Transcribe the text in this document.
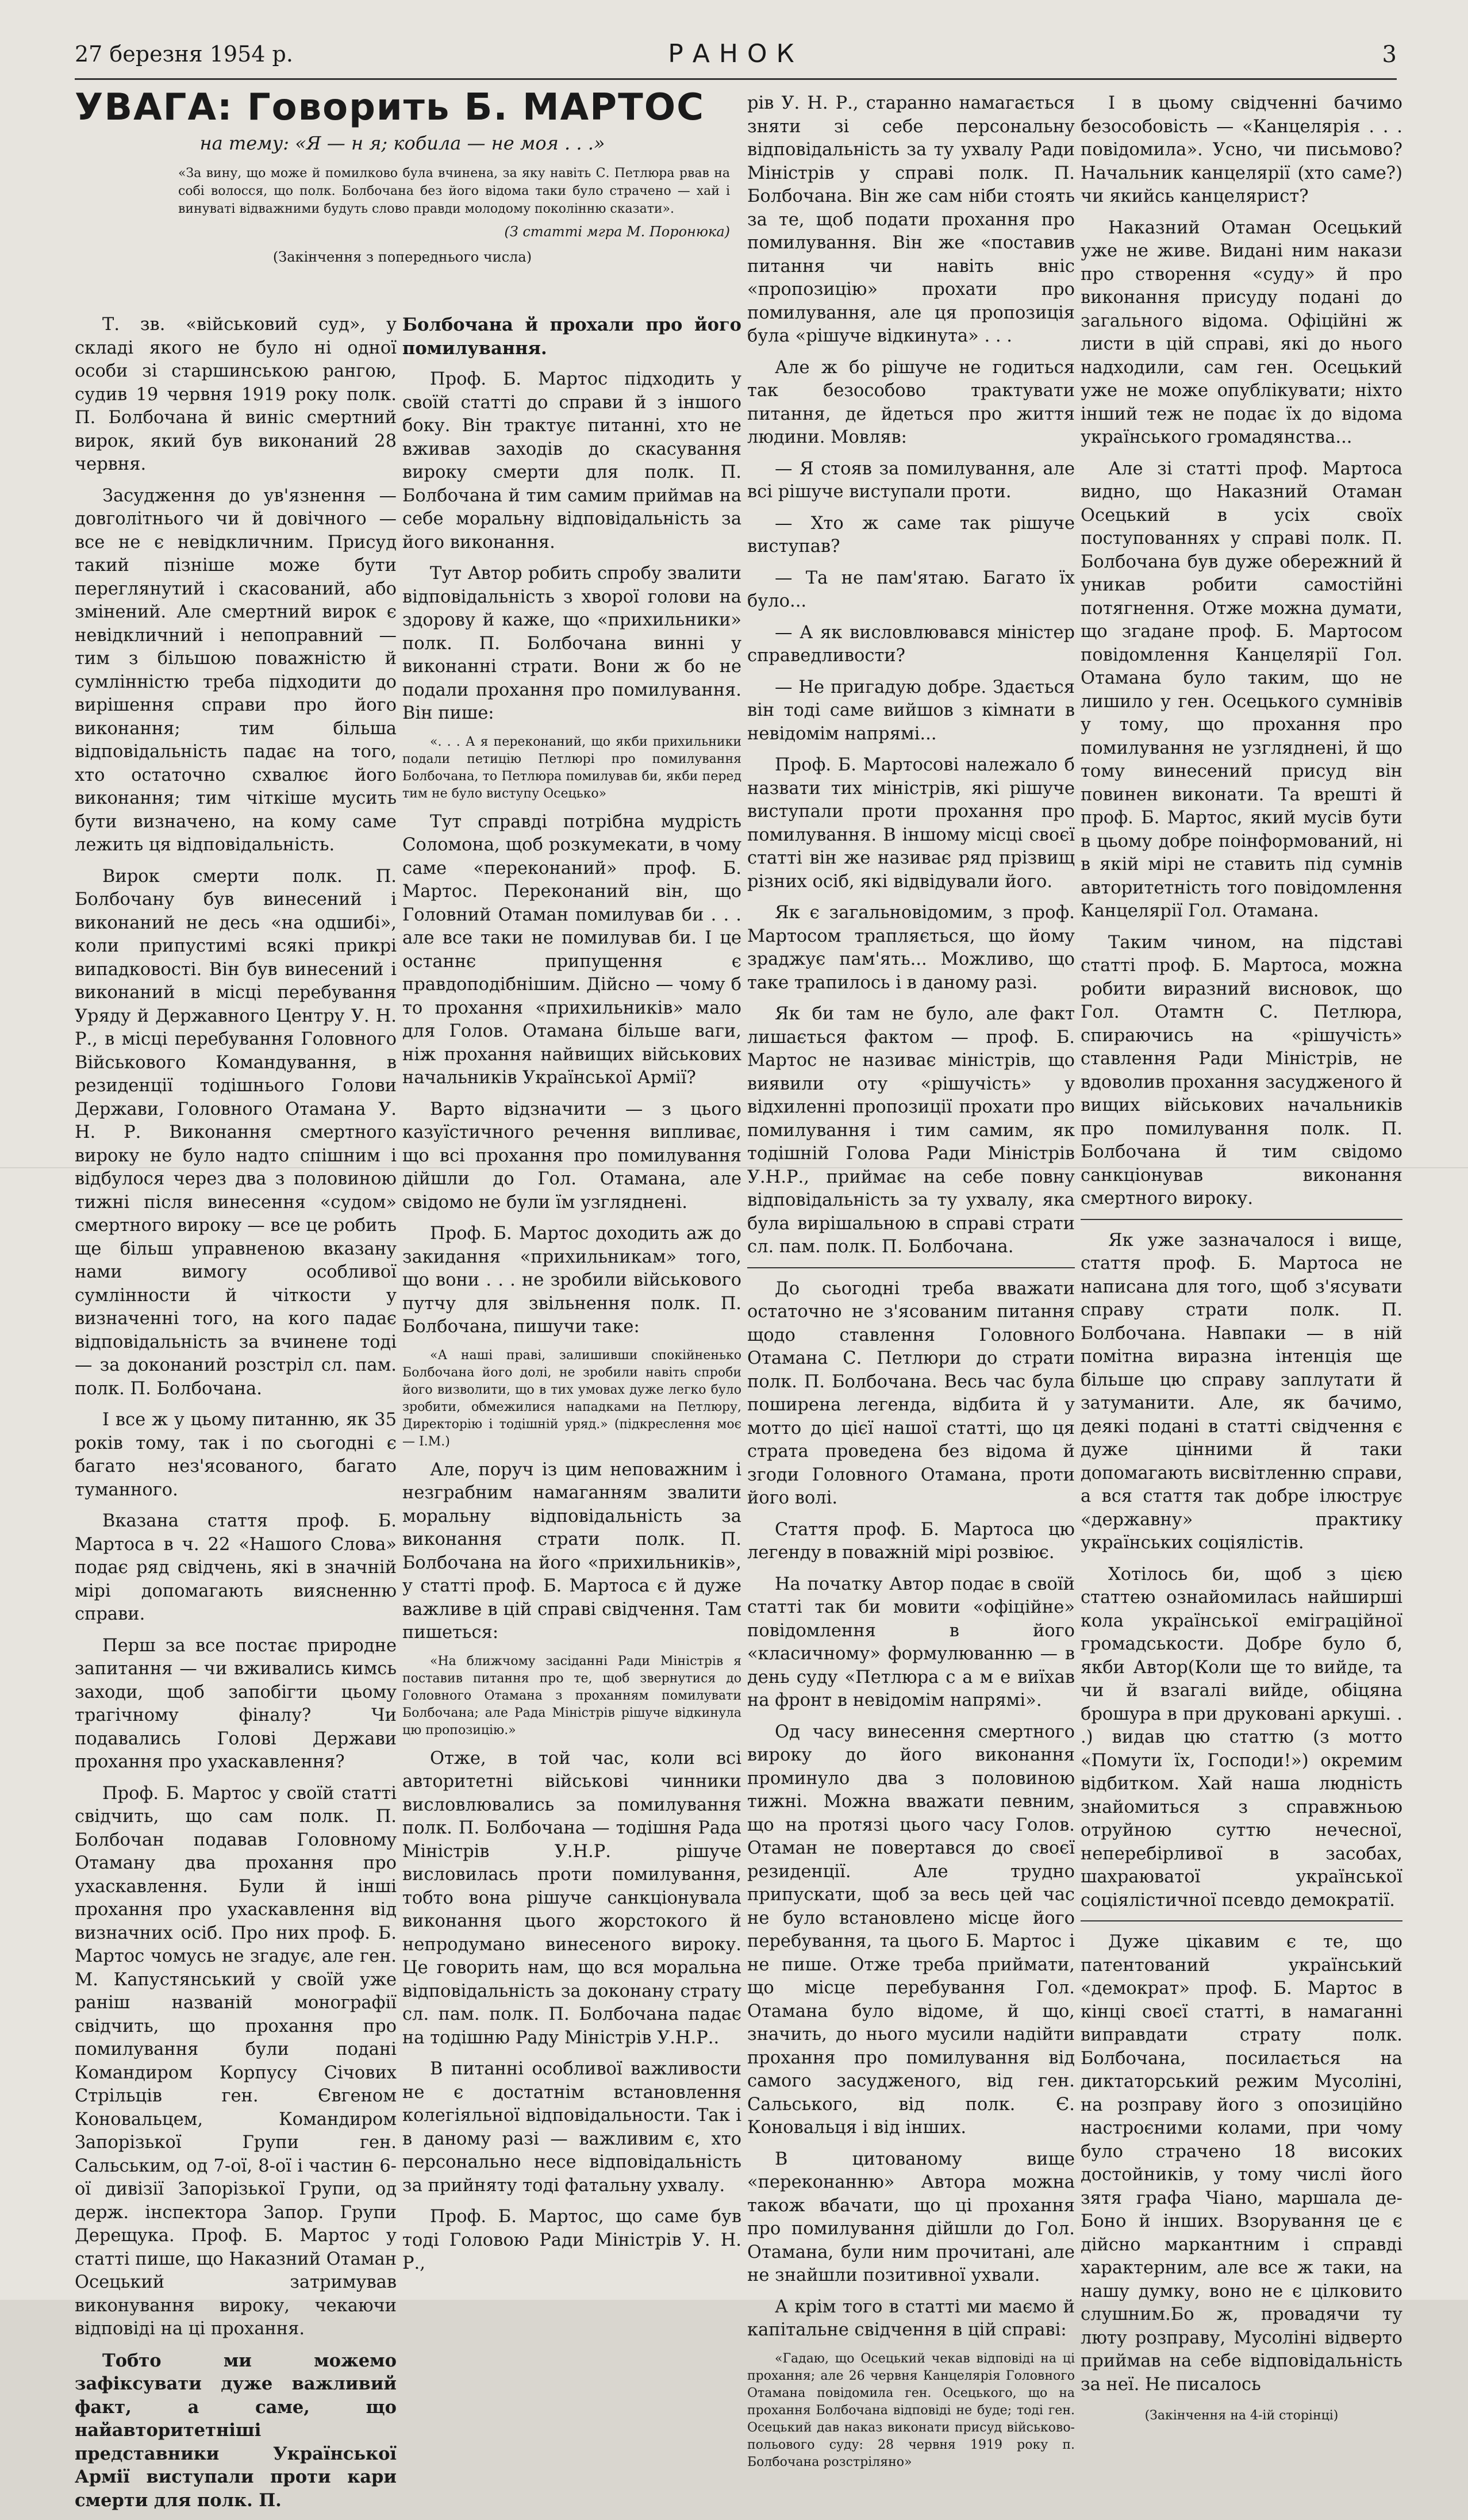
27 березня 1954 р.	РАНОК	3
УВАГА: Говорить Б. МАРТОС
на тему: «Я — н я; кобила — не моя . . .»
«За вину, що може й помилково була вчинена, за яку навіть С. Петлюра рвав на собі волосся, що полк. Болбочана без його відома таки було страчено — хай і винуваті відважними будуть слово правди молодому поколінню сказати».
(З статті мгра М. Поронюка)
(Закінчення з попереднього числа)

Т. зв. «військовий суд», у складі якого не було ні одної особи зі старшинською рангою, судив 19 червня 1919 року полк. П. Болбочана й виніс смертний вирок, який був виконаний 28 червня.

Засудження до ув'язнення — довголітнього чи й довічного — все не є невідкличним. Присуд такий пізніше може бути переглянутий і скасований, або змінений. Але смертний вирок є невідкличний і непоправний — тим з більшою поважністю й сумлінністю треба підходити до вирішення справи про його виконання; тим більша відповідальність падає на того, хто остаточно схвалює його виконання; тим чіткіше мусить бути визначено, на кому саме лежить ця відповідальність.

Вирок смерти полк. П. Болбочану був винесений і виконаний не десь «на одшибі», коли припустимі всякі прикрі випадковості. Він був винесений і виконаний в місці перебування Уряду й Державного Центру У. Н. Р., в місці перебування Головного Військового Командування, в резиденції тодішнього Голови Держави, Головного Отамана У. Н. Р. Виконання смертного вироку не було надто спішним і відбулося через два з половиною тижні після винесення «судом» смертного вироку — все це робить ще більш управненою вказану нами вимогу особливої сумлінности й чіткости у визначенні того, на кого падає відповідальність за вчинене тоді — за доконаний розстріл сл. пам. полк. П. Болбочана.

І все ж у цьому питанню, як 35 років тому, так і по сьогодні є багато нез'ясованого, багато туманного.

Вказана стаття проф. Б. Мартоса в ч. 22 «Нашого Слова» подає ряд свідчень, які в значній мірі допомагають виясненню справи.

Перш за все постає природне запитання — чи вживались кимсь заходи, щоб запобігти цьому трагічному фіналу? Чи подавались Голові Держави прохання про ухаскавлення?

Проф. Б. Мартос у своїй статті свідчить, що сам полк. П. Болбочан подавав Головному Отаману два прохання про ухаскавлення. Були й інші прохання про ухаскавлення від визначних осіб. Про них проф. Б. Мартос чомусь не згадує, але ген. М. Капустянський у своїй уже раніш названій монографії свідчить, що прохання про помилування були подані Командиром Корпусу Січових Стрільців ген. Євгеном Коновальцем, Командиром Запорізької Групи ген. Сальським, од 7-ої, 8-ої і частин 6-ої дивізії Запорізької Групи, од держ. інспектора Запор. Групи Дерещука. Проф. Б. Мартос у статті пише, що Наказний Отаман Осецький затримував виконування вироку, чекаючи відповіді на ці прохання.

Тобто ми можемо зафіксувати дуже важливий факт, а саме, що найавторитетніші представники Української Армії виступали проти кари смерти для полк. П.

Болбочана й прохали про його помилування.

Проф. Б. Мартос підходить у своїй статті до справи й з іншого боку. Він трактує питанні, хто не вживав заходів до скасування вироку смерти для полк. П. Болбочана й тим самим приймав на себе моральну відповідальність за його виконання.

Тут Автор робить спробу звалити відповідальність з хворої голови на здорову й каже, що «прихильники» полк. П. Болбочана винні у виконанні страти. Вони ж бо не подали прохання про помилування. Він пише:

«. . . А я переконаний, що якби прихильники подали петицію Петлюрі про помилування Болбочана, то Петлюра помилував би, якби перед тим не було виступу Осецько»

Тут справді потрібна мудрість Соломона, щоб розкумекати, в чому саме «переконаний» проф. Б. Мартос. Переконаний він, що Головний Отаман помилував би . . . але все таки не помилував би. І це останнє припущення є правдоподібнішим. Дійсно — чому б то прохання «прихильників» мало для Голов. Отамана більше ваги, ніж прохання найвищих військових начальників Української Армії?

Варто відзначити — з цього казуїстичного речення випливає, що всі прохання про помилування дійшли до Гол. Отамана, але свідомо не були їм узгляднені.

Проф. Б. Мартос доходить аж до закидання «прихильникам» того, що вони . . . не зробили військового путчу для звільнення полк. П. Болбочана, пишучи таке:

«А наші праві, залишивши спокійненько Болбочана його долі, не зробили навіть спроби його визволити, що в тих умовах дуже легко було зробити, обмежилися нападками на Петлюру, Директорію і тодішній уряд.» (підкреслення моє — І.М.)

Але, поруч із цим неповажним і незграбним намаганням звалити моральну відповідальність за виконання страти полк. П. Болбочана на його «прихильників», у статті проф. Б. Мартоса є й дуже важливе в цій справі свідчення. Там пишеться:

«На ближчому засіданні Ради Міністрів я поставив питання про те, щоб звернутися до Головного Отамана з проханням помилувати Болбочана; але Рада Міністрів рішуче відкинула цю пропозицію.»

Отже, в той час, коли всі авторитетні військові чинники висловлювались за помилування полк. П. Болбочана — тодішня Рада Міністрів У.Н.Р. рішуче висловилась проти помилування, тобто вона рішуче санкціонувала виконання цього жорстокого й непродумано винесеного вироку. Це говорить нам, що вся моральна відповідальність за доконану страту сл. пам. полк. П. Болбочана падає на тодішню Раду Міністрів У.Н.Р..

В питанні особливої важливости не є достатнім встановлення колегіяльної відповідальности. Так і в даному разі — важливим є, хто персонально несе відповідальність за прийняту тоді фатальну ухвалу.

Проф. Б. Мартос, що саме був тоді Головою Ради Міністрів У. Н. Р.,

рів У. Н. Р., старанно намагається зняти зі себе персональну відповідальність за ту ухвалу Ради Міністрів у справі полк. П. Болбочана. Він же сам ніби стоять за те, щоб подати прохання про помилування. Він же «поставив питання чи навіть вніс «пропозицію» прохати про помилування, але ця пропозиція була «рішуче відкинута» . . .

Але ж бо рішуче не годиться так безособово трактувати питання, де йдеться про життя людини. Мовляв:

— Я стояв за помилування, але всі рішуче виступали проти.

— Хто ж саме так рішуче виступав?

— Та не пам'ятаю. Багато їх було...

— А як висловлювався міністер справедливости?

— Не пригадую добре. Здається він тоді саме вийшов з кімнати в невідомім напрямі...

Проф. Б. Мартосові належало б назвати тих міністрів, які рішуче виступали проти прохання про помилування. В іншому місці своєї статті він же називає ряд прізвищ різних осіб, які відвідували його.

Як є загальновідомим, з проф. Мартосом трапляється, що йому зраджує пам'ять... Можливо, що таке трапилось і в даному разі.

Як би там не було, але факт лишається фактом — проф. Б. Мартос не називає міністрів, що виявили оту «рішучість» у відхиленні пропозиції прохати про помилування і тим самим, як тодішній Голова Ради Міністрів У.Н.Р., приймає на себе повну відповідальність за ту ухвалу, яка була вирішальною в справі страти сл. пам. полк. П. Болбочана.

До сьогодні треба вважати остаточно не з'ясованим питання щодо ставлення Головного Отамана С. Петлюри до страти полк. П. Болбочана. Весь час була поширена легенда, відбита й у мотто до цієї нашої статті, що ця страта проведена без відома й згоди Головного Отамана, проти його волі.

Стаття проф. Б. Мартоса цю легенду в поважній мірі розвіює.

На початку Автор подає в своїй статті так би мовити «офіційне» повідомлення в його «класичному» формулюванню — в день суду «Петлюра с а м е виїхав на фронт в невідомім напрямі».

Од часу винесення смертного вироку до його виконання проминуло два з половиною тижні. Можна вважати певним, що на протязі цього часу Голов. Отаман не повертався до своєї резиденції. Але трудно припускати, щоб за весь цей час не було встановлено місце його перебування, та цього Б. Мартос і не пише. Отже треба приймати, що місце перебування Гол. Отамана було відоме, й що, значить, до нього мусили надійти прохання про помилування від самого засудженого, від ген. Сальського, від полк. Є. Коновальця і від інших.

В цитованому вище «переконанню» Автора можна також вбачати, що ці прохання про помилування дійшли до Гол. Отамана, були ним прочитані, але не знайшли позитивної ухвали.

А крім того в статті ми маємо й капітальне свідчення в цій справі:

«Гадаю, що Осецький чекав відповіді на ці прохання; але 26 червня Канцелярія Головного Отамана повідомила ген. Осецького, що на прохання Болбочана відповіді не буде; тоді ген. Осецький дав наказ виконати присуд військово-польового суду: 28 червня 1919 року п. Болбочана розстріляно»

І в цьому свідченні бачимо безособовість — «Канцелярія . . . повідомила». Усно, чи письмово? Начальник канцелярії (хто саме?) чи якийсь канцелярист?

Наказний Отаман Осецький уже не живе. Видані ним накази про створення «суду» й про виконання присуду подані до загального відома. Офіційні ж листи в цій справі, які до нього надходили, сам ген. Осецький уже не може опублікувати; ніхто інший теж не подає їх до відома українського громадянства...

Але зі статті проф. Мартоса видно, що Наказний Отаман Осецький в усіх своїх поступованнях у справі полк. П. Болбочана був дуже обережний й уникав робити самостійні потягнення. Отже можна думати, що згадане проф. Б. Мартосом повідомлення Канцелярії Гол. Отамана було таким, що не лишило у ген. Осецького сумнівів у тому, що прохання про помилування не узгляднені, й що тому винесений присуд він повинен виконати. Та врешті й проф. Б. Мартос, який мусів бути в цьому добре поінформований, ні в якій мірі не ставить під сумнів авторитетність того повідомлення Канцелярії Гол. Отамана.

Таким чином, на підставі статті проф. Б. Мартоса, можна робити виразний висновок, що Гол. Отамтн С. Петлюра, спираючись на «рішучість» ставлення Ради Міністрів, не вдоволив прохання засудженого й вищих військових начальників про помилування полк. П. Болбочана й тим свідомо санкціонував виконання смертного вироку.

Як уже зазначалося і вище, стаття проф. Б. Мартоса не написана для того, щоб з'ясувати справу страти полк. П. Болбочана. Навпаки — в ній помітна виразна інтенція ще більше цю справу заплутати й затуманити. Але, як бачимо, деякі подані в статті свідчення є дуже цінними й таки допомагають висвітленню справи, а вся стаття так добре ілюструє «державну» практику українських соціялістів.

Хотілось би, щоб з цією статтею ознайомилась найширші кола української еміграційної громадськости. Добре було б, якби Автор(Коли ще то вийде, та чи й взагалі вийде, обіцяна брошура в при друковані аркуші. . .) видав цю статтю (з мотто «Помути їх, Господи!») окремим відбитком. Хай наша людність знайомиться з справжньою отруйною суттю нечесної, неперебірливої в засобах, шахраюватої української соціялістичної псевдо демократії.

Дуже цікавим є те, що патентований український «демократ» проф. Б. Мартос в кінці своєї статті, в намаганні виправдати страту полк. Болбочана, посилається на диктаторський режим Мусоліні, на розправу його з опозиційно настроєними колами, при чому було страчено 18 високих достойників, у тому числі його зятя графа Чіано, маршала де-Боно й інших. Взорування це є дійсно маркантним і справді характерним, але все ж таки, на нашу думку, воно не є цілковито слушним.Бо ж, провадячи ту люту розправу, Мусоліні відверто приймав на себе відповідальність за неї. Не писалось

(Закінчення на 4-ій сторінці)
